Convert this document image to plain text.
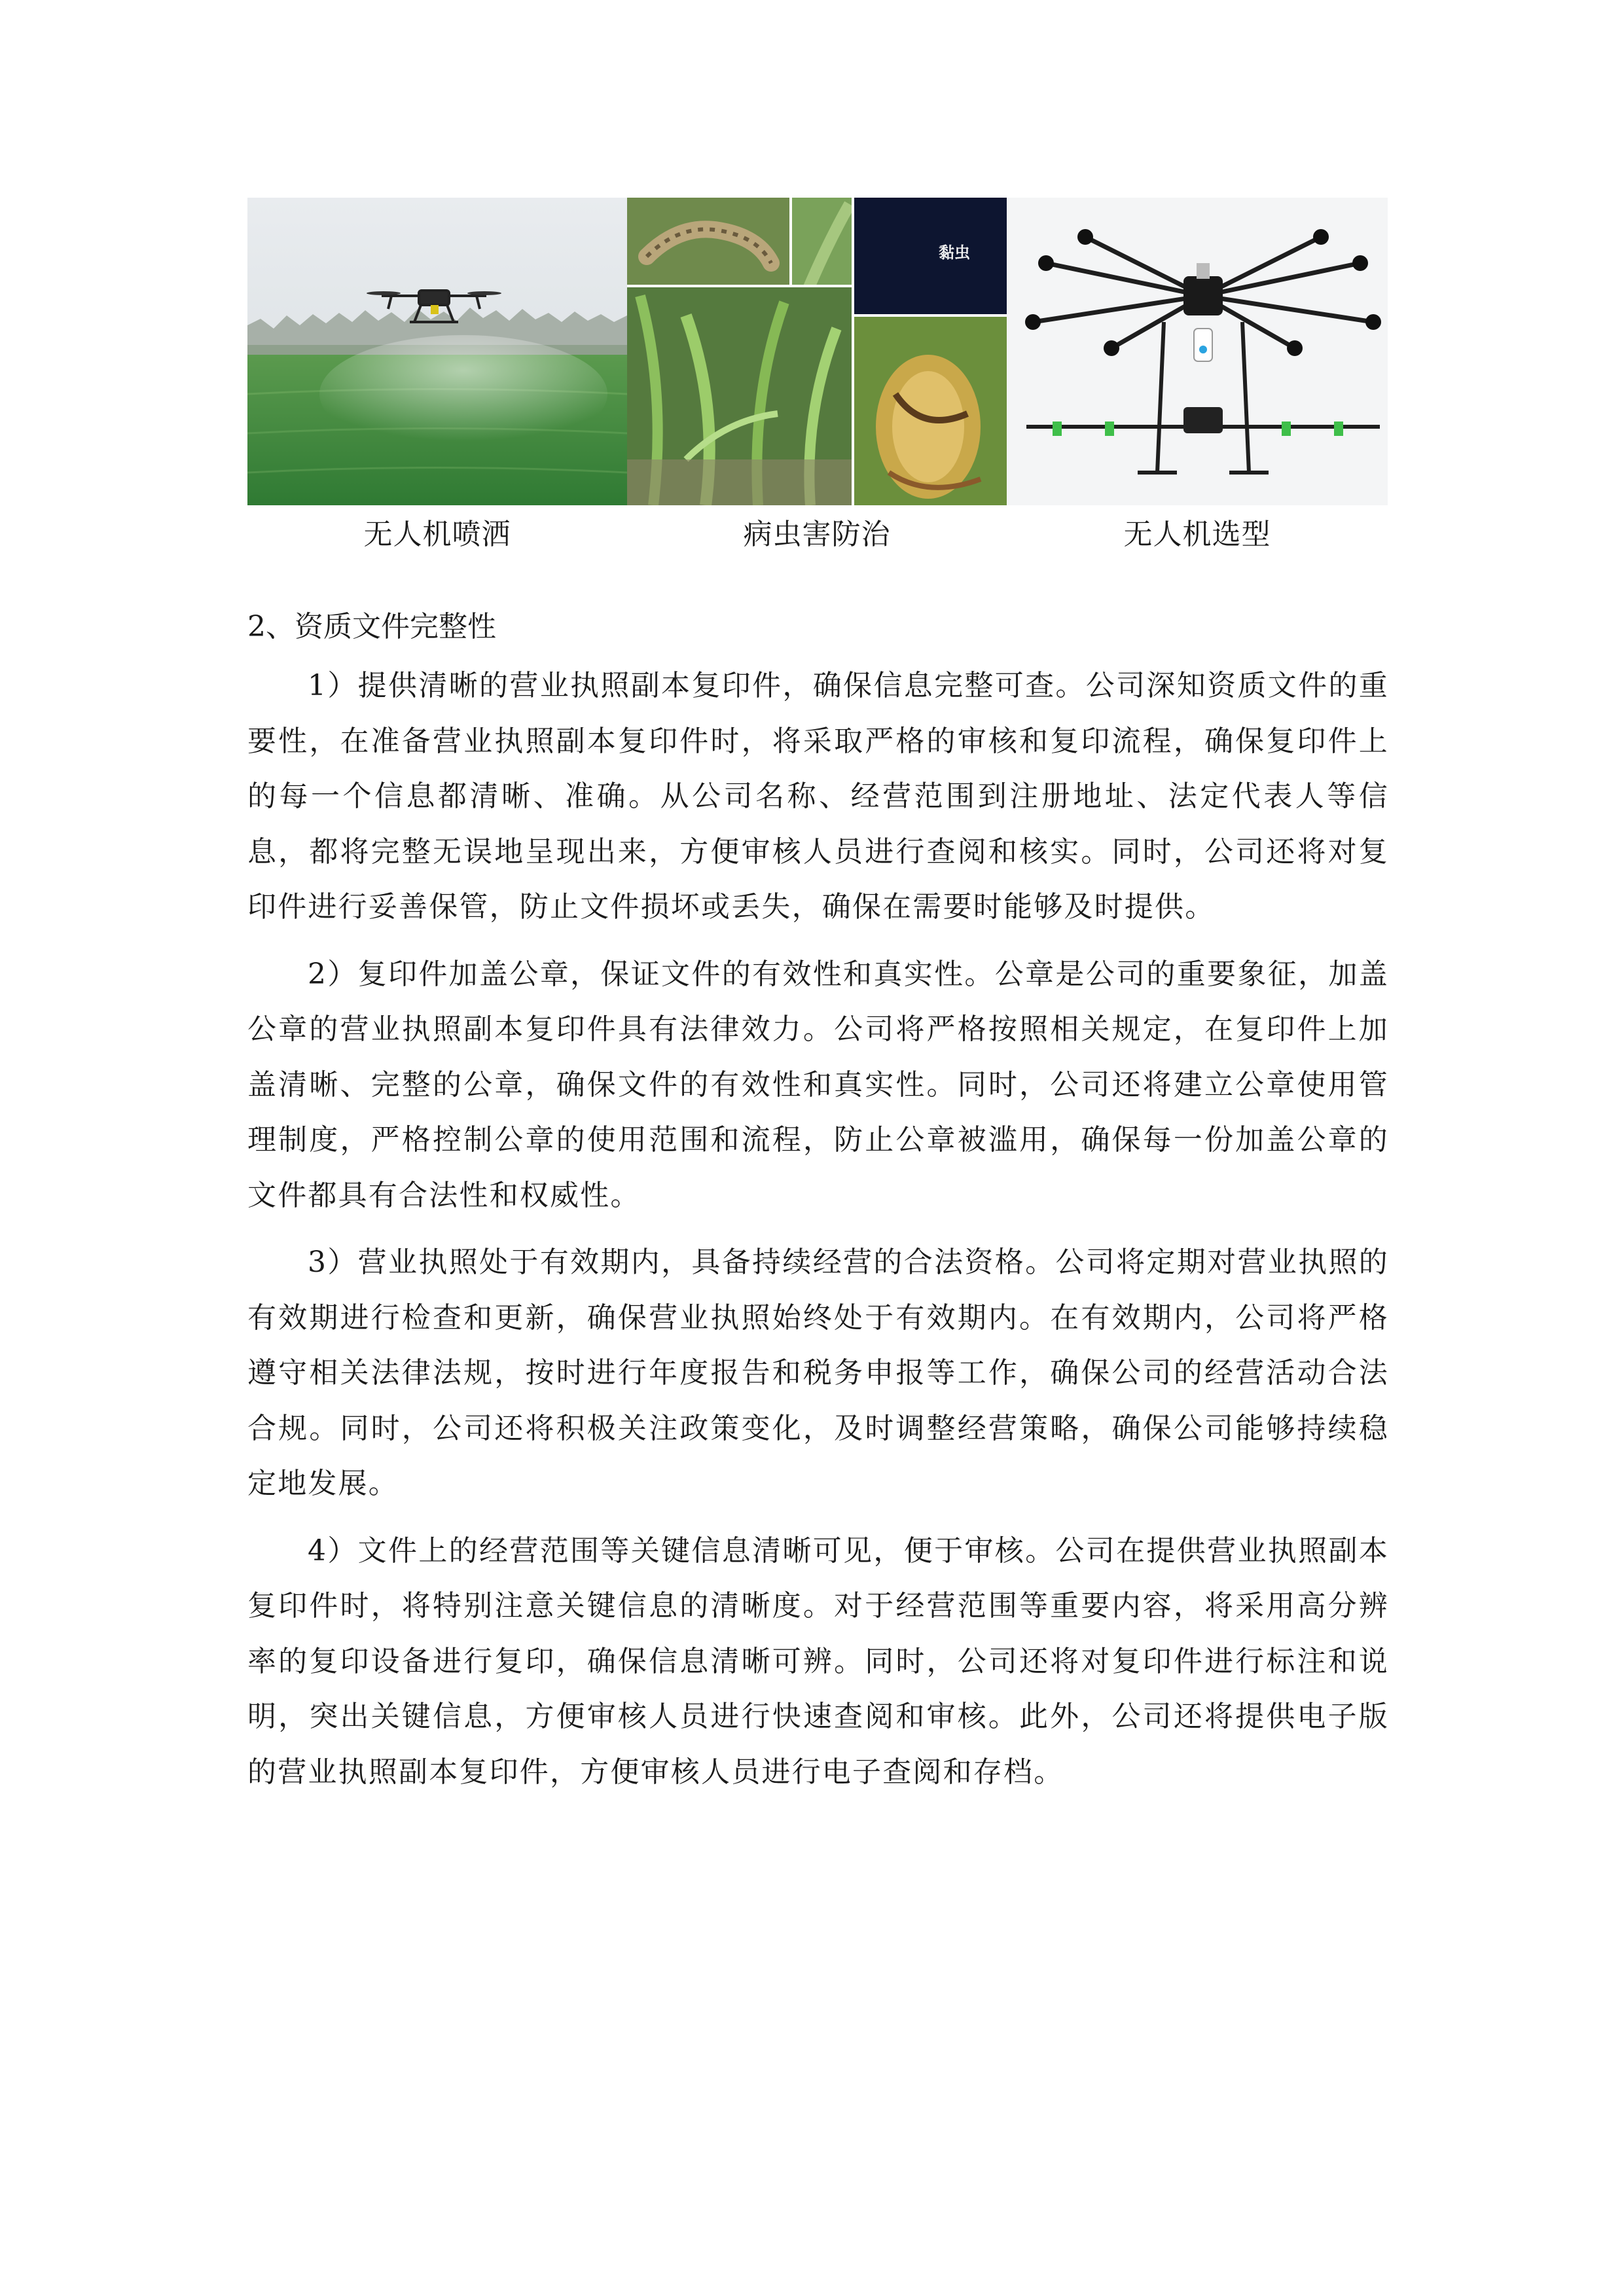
黏虫
无人机喷洒	病虫害防治	无人机选型
2、资质文件完整性

1）提供清晰的营业执照副本复印件，确保信息完整可查。公司深知资质文件的重要性，在准备营业执照副本复印件时，将采取严格的审核和复印流程，确保复印件上的每一个信息都清晰、准确。从公司名称、经营范围到注册地址、法定代表人等信息，都将完整无误地呈现出来，方便审核人员进行查阅和核实。同时，公司还将对复印件进行妥善保管，防止文件损坏或丢失，确保在需要时能够及时提供。

2）复印件加盖公章，保证文件的有效性和真实性。公章是公司的重要象征，加盖公章的营业执照副本复印件具有法律效力。公司将严格按照相关规定，在复印件上加盖清晰、完整的公章，确保文件的有效性和真实性。同时，公司还将建立公章使用管理制度，严格控制公章的使用范围和流程，防止公章被滥用，确保每一份加盖公章的文件都具有合法性和权威性。

3）营业执照处于有效期内，具备持续经营的合法资格。公司将定期对营业执照的有效期进行检查和更新，确保营业执照始终处于有效期内。在有效期内，公司将严格遵守相关法律法规，按时进行年度报告和税务申报等工作，确保公司的经营活动合法合规。同时，公司还将积极关注政策变化，及时调整经营策略，确保公司能够持续稳定地发展。

4）文件上的经营范围等关键信息清晰可见，便于审核。公司在提供营业执照副本复印件时，将特别注意关键信息的清晰度。对于经营范围等重要内容，将采用高分辨率的复印设备进行复印，确保信息清晰可辨。同时，公司还将对复印件进行标注和说明，突出关键信息，方便审核人员进行快速查阅和审核。此外，公司还将提供电子版的营业执照副本复印件，方便审核人员进行电子查阅和存档。
